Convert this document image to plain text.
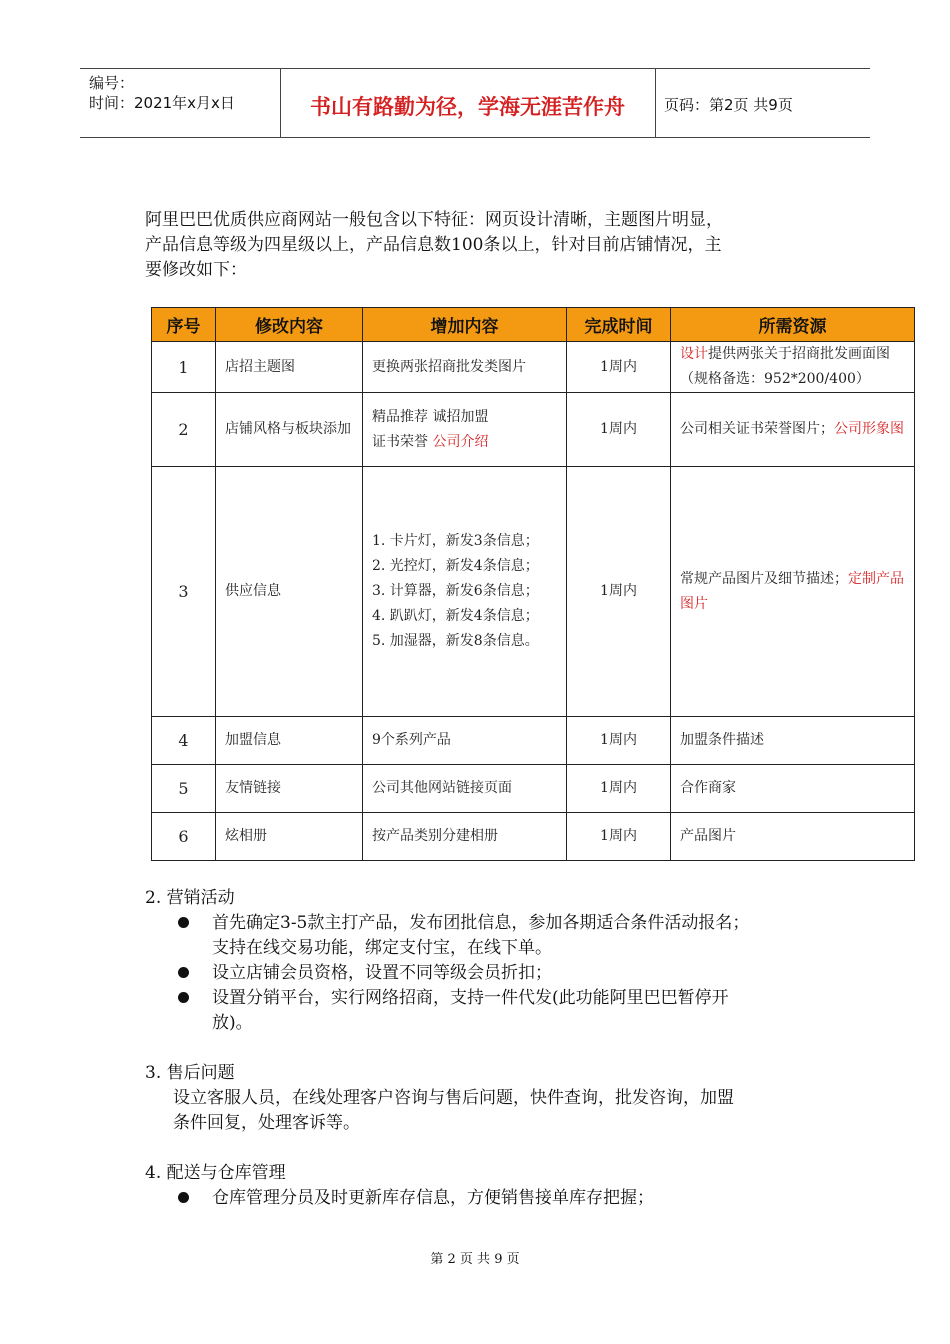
编号：
时间：2021年x月x日	书山有路勤为径，学海无涯苦作舟	页码：第2页 共9页
阿里巴巴优质供应商网站一般包含以下特征：网页设计清晰，主题图片明显，
产品信息等级为四星级以上，产品信息数100条以上，针对目前店铺情况，主
要修改如下：
序号	修改内容	增加内容	完成时间	所需资源
1	店招主题图	更换两张招商批发类图片	1周内	设计提供两张关于招商批发画面图（规格备选：952*200/400）
2	店铺风格与板块添加	精品推荐 诚招加盟
证书荣誉 公司介绍	1周内	公司相关证书荣誉图片；公司形象图
3	供应信息	1. 卡片灯，新发3条信息；
2. 光控灯，新发4条信息；
3. 计算器，新发6条信息；
4. 趴趴灯，新发4条信息；
5. 加湿器，新发8条信息。	1周内	常规产品图片及细节描述；定制产品图片
4	加盟信息	9个系列产品	1周内	加盟条件描述
5	友情链接	公司其他网站链接页面	1周内	合作商家
6	炫相册	按产品类别分建相册	1周内	产品图片
2. 营销活动
首先确定3-5款主打产品，发布团批信息，参加各期适合条件活动报名；
支持在线交易功能，绑定支付宝，在线下单。
设立店铺会员资格，设置不同等级会员折扣；
设置分销平台，实行网络招商，支持一件代发(此功能阿里巴巴暂停开
放)。
3. 售后问题
设立客服人员，在线处理客户咨询与售后问题，快件查询，批发咨询，加盟
条件回复，处理客诉等。
4. 配送与仓库管理
仓库管理分员及时更新库存信息，方便销售接单库存把握；
第 2 页 共 9 页
